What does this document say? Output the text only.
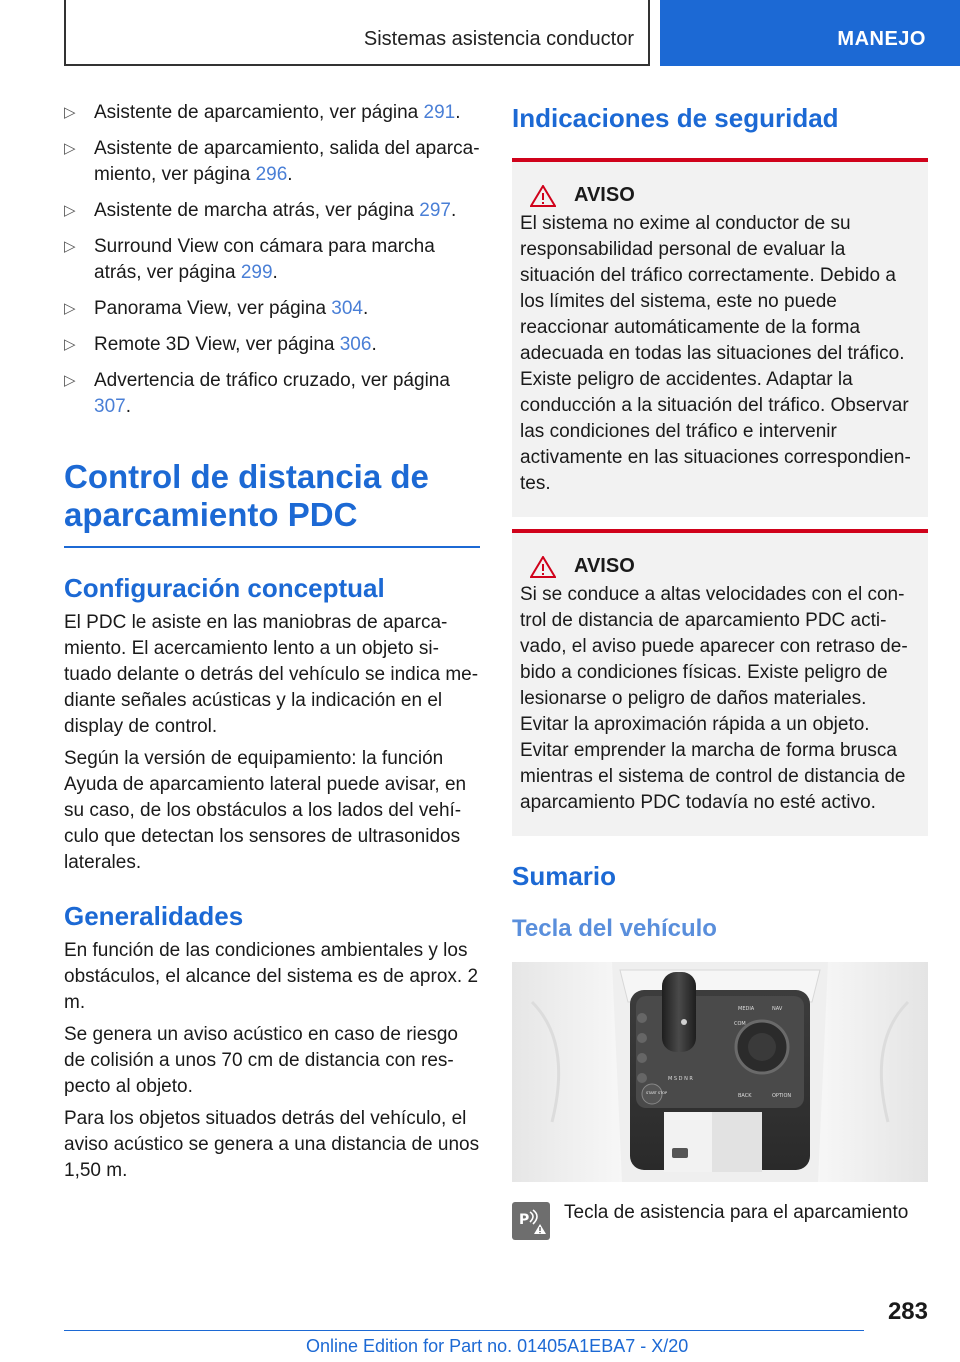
Sistemas asistencia conductor	MANEJO
▷ Asistente de aparcamiento, ver página 291.
▷ Asistente de aparcamiento, salida del aparcamiento, ver página 296.
▷ Asistente de marcha atrás, ver página 297.
▷ Surround View con cámara para marcha atrás, ver página 299.
▷ Panorama View, ver página 304.
▷ Remote 3D View, ver página 306.
▷ Advertencia de tráfico cruzado, ver página 307.
Control de distancia de aparcamiento PDC
Configuración conceptual

El PDC le asiste en las maniobras de aparcamiento. El acercamiento lento a un objeto situado delante o detrás del vehículo se indica mediante señales acústicas y la indicación en el display de control.

Según la versión de equipamiento: la función Ayuda de aparcamiento lateral puede avisar, en su caso, de los obstáculos a los lados del vehículo que detectan los sensores de ultrasonidos laterales.

Generalidades

En función de las condiciones ambientales y los obstáculos, el alcance del sistema es de aprox. 2 m.

Se genera un aviso acústico en caso de riesgo de colisión a unos 70 cm de distancia con respecto al objeto.

Para los objetos situados detrás del vehículo, el aviso acústico se genera a una distancia de unos 1,50 m.

Indicaciones de seguridad
AVISO

El sistema no exime al conductor de su responsabilidad personal de evaluar la situación del tráfico correctamente. Debido a los límites del sistema, este no puede reaccionar automáticamente de la forma adecuada en todas las situaciones del tráfico. Existe peligro de accidentes. Adaptar la conducción a la situación del tráfico. Observar las condiciones del tráfico e intervenir activamente en las situaciones correspondientes.

AVISO

Si se conduce a altas velocidades con el control de distancia de aparcamiento PDC activado, el aviso puede aparecer con retraso debido a condiciones físicas. Existe peligro de lesionarse o peligro de daños materiales. Evitar la aproximación rápida a un objeto. Evitar emprender la marcha de forma brusca mientras el sistema de control de distancia de aparcamiento PDC todavía no esté activo.

Sumario
Tecla del vehículo
MEDIA
COM
NAV
BACK	OPTION
START STOP
M S D N R
P Tecla de asistencia para el aparcamiento
283
Online Edition for Part no. 01405A1EBA7 - X/20
